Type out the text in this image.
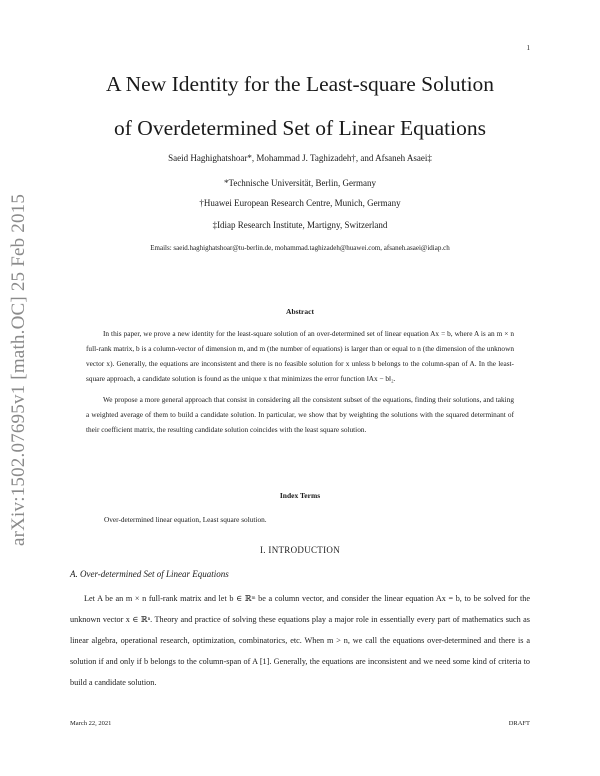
1
arXiv:1502.07695v1 [math.OC] 25 Feb 2015
A New Identity for the Least-square Solution
of Overdetermined Set of Linear Equations
Saeid Haghighatshoar*, Mohammad J. Taghizadeh†, and Afsaneh Asaei‡
*Technische Universität, Berlin, Germany
†Huawei European Research Centre, Munich, Germany
‡Idiap Research Institute, Martigny, Switzerland
Emails: saeid.haghighatshoar@tu-berlin.de, mohammad.taghizadeh@huawei.com, afsaneh.asaei@idiap.ch
Abstract

In this paper, we prove a new identity for the least-square solution of an over-determined set of linear equation Ax = b, where A is an m × n full-rank matrix, b is a column-vector of dimension m, and m (the number of equations) is larger than or equal to n (the dimension of the unknown vector x). Generally, the equations are inconsistent and there is no feasible solution for x unless b belongs to the column-span of A. In the least-square approach, a candidate solution is found as the unique x that minimizes the error function ‖Ax − b‖₂.

We propose a more general approach that consist in considering all the consistent subset of the equations, finding their solutions, and taking a weighted average of them to build a candidate solution. In particular, we show that by weighting the solutions with the squared determinant of their coefficient matrix, the resulting candidate solution coincides with the least square solution.

Index Terms
Over-determined linear equation, Least square solution.
I. INTRODUCTION
A. Over-determined Set of Linear Equations

Let A be an m × n full-rank matrix and let b ∈ ℝᵐ be a column vector, and consider the linear equation Ax = b, to be solved for the unknown vector x ∈ ℝⁿ. Theory and practice of solving these equations play a major role in essentially every part of mathematics such as linear algebra, operational research, optimization, combinatorics, etc. When m > n, we call the equations over-determined and there is a solution if and only if b belongs to the column-span of A [1]. Generally, the equations are inconsistent and we need some kind of criteria to build a candidate solution.

March 22, 2021	DRAFT
